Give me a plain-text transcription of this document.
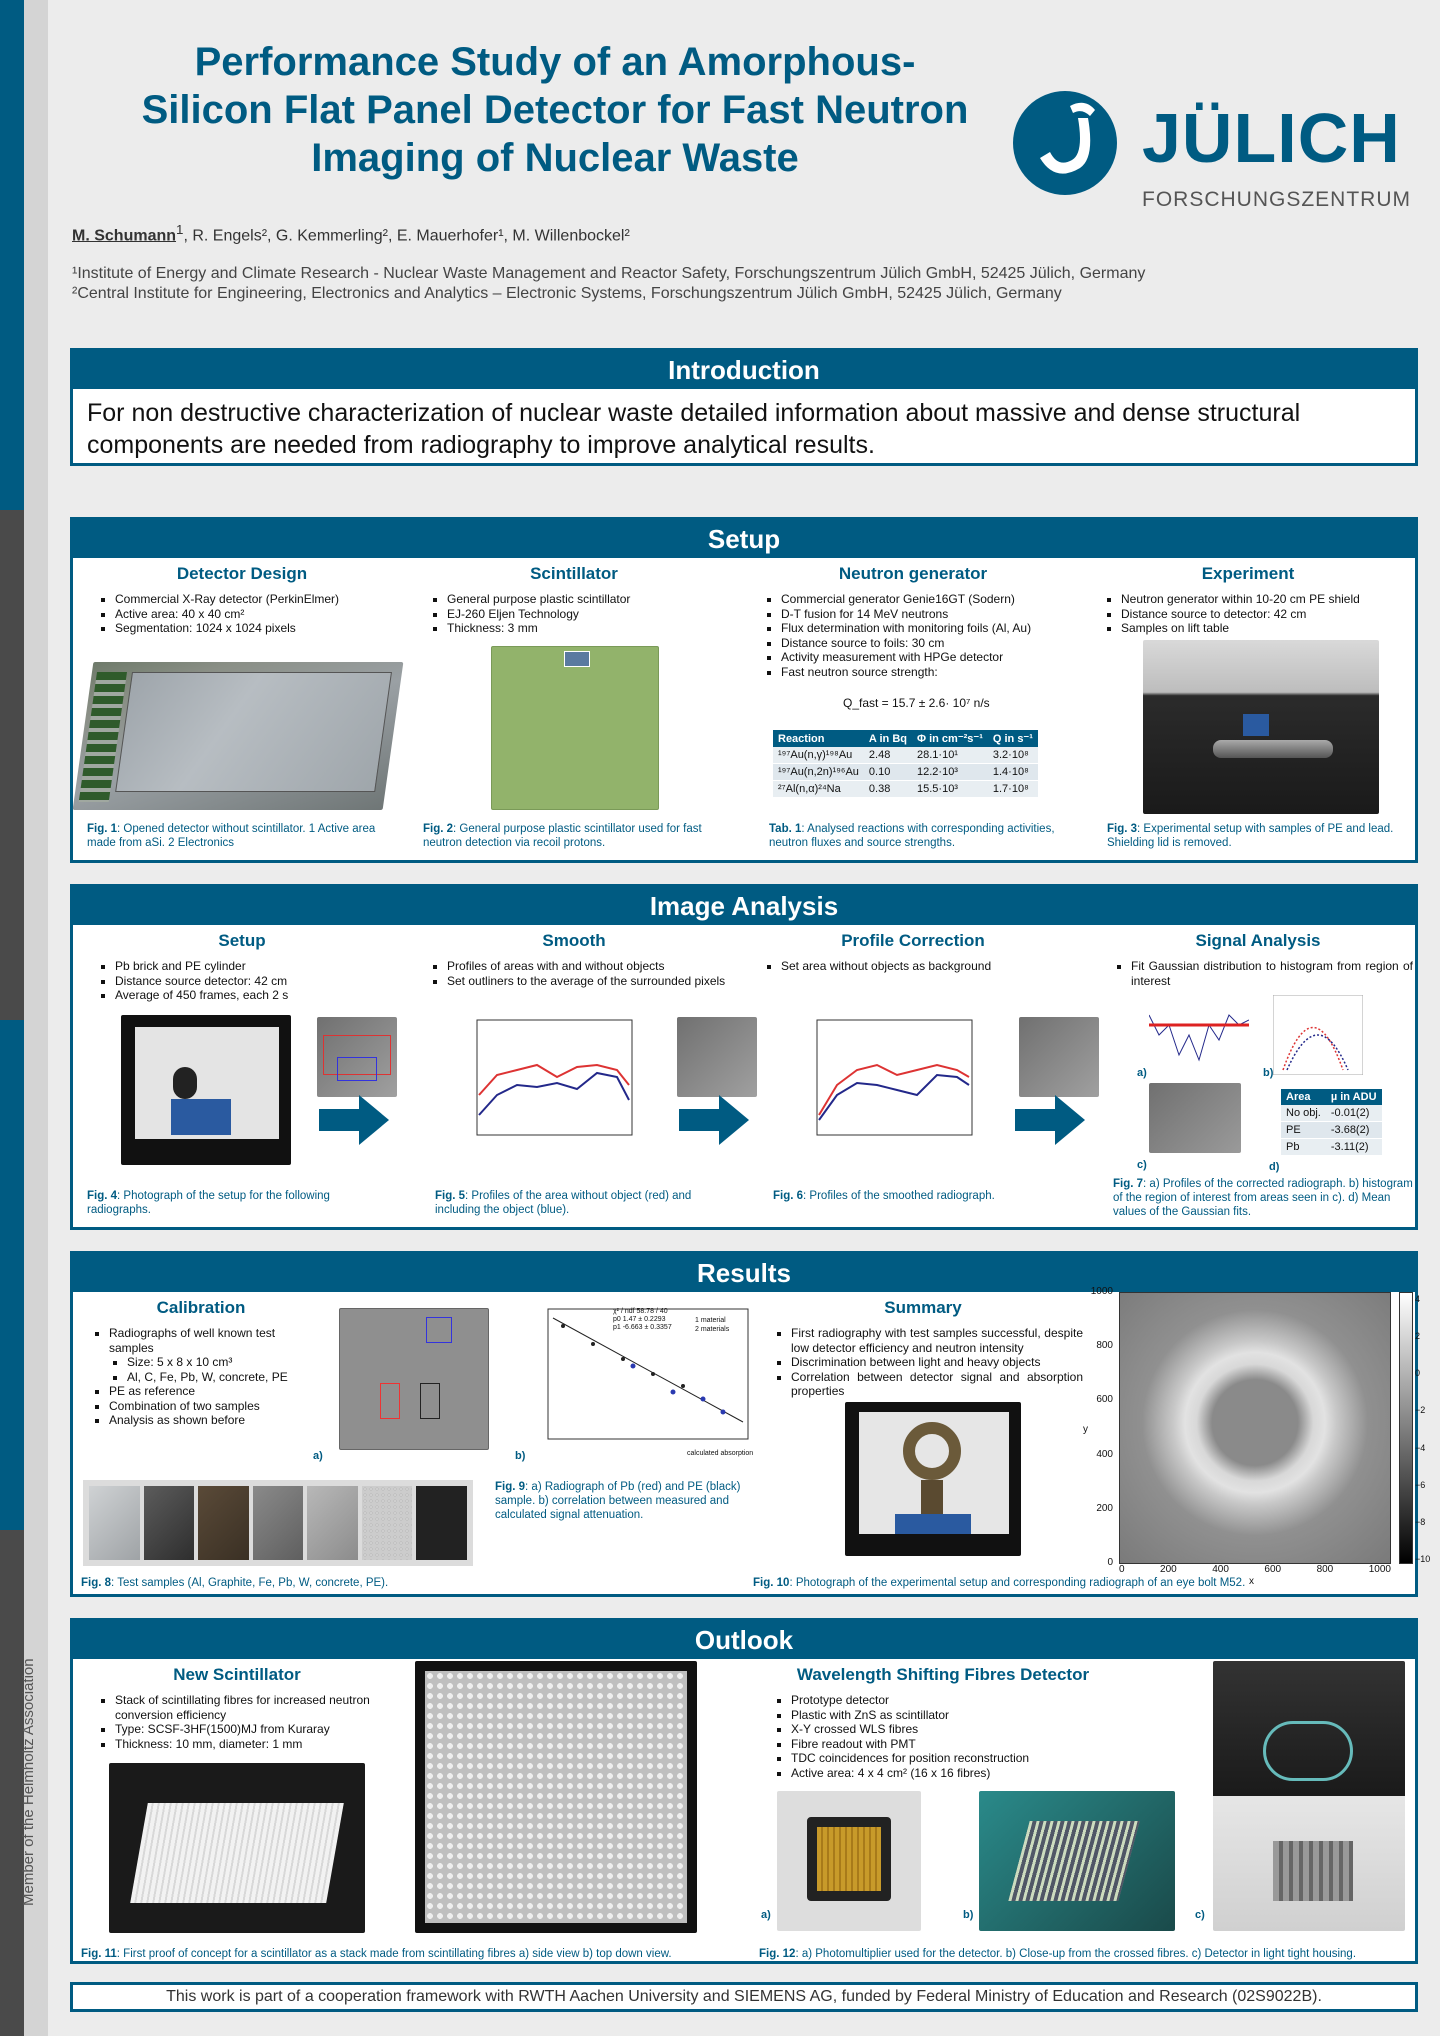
Member of the Helmholtz Association
Performance Study of an Amorphous-
Silicon Flat Panel Detector for Fast Neutron
Imaging of Nuclear Waste	JÜLICH
FORSCHUNGSZENTRUM
M. Schumann$^1$, R. Engels², G. Kemmerling², E. Mauerhofer¹, M. Willenbockel²
¹Institute of Energy and Climate Research - Nuclear Waste Management and Reactor Safety, Forschungszentrum Jülich GmbH, 52425 Jülich, Germany
²Central Institute for Engineering, Electronics and Analytics – Electronic Systems, Forschungszentrum Jülich GmbH, 52425 Jülich, Germany
Introduction
For non destructive characterization of nuclear waste detailed information about massive and dense structural components are needed from radiography to improve analytical results.
Setup
Detector Design
▪ Commercial X-Ray detector (PerkinElmer)
▪ Active area: 40 x 40 cm²
▪ Segmentation: 1024 x 1024 pixels
Fig. 1: Opened detector without scintillator. 1 Active area made from aSi. 2 Electronics
Scintillator
▪ General purpose plastic scintillator
▪ EJ-260 Eljen Technology
▪ Thickness: 3 mm
Fig. 2: General purpose plastic scintillator used for fast neutron detection via recoil protons.
Neutron generator
▪ Commercial generator Genie16GT (Sodern)
▪ D-T fusion for 14 MeV neutrons
▪ Flux determination with monitoring foils (Al, Au)
▪ Distance source to foils: 30 cm
▪ Activity measurement with HPGe detector
▪ Fast neutron source strength:
Q_fast = 15.7 ± 2.6· 10⁷ n/s
Reaction	A in Bq	Φ in cm⁻²s⁻¹	Q in s⁻¹
¹⁹⁷Au(n,γ)¹⁹⁸Au	2.48	28.1·10¹	3.2·10⁸
¹⁹⁷Au(n,2n)¹⁹⁶Au	0.10	12.2·10³	1.4·10⁸
²⁷Al(n,α)²⁴Na	0.38	15.5·10³	1.7·10⁸
Tab. 1: Analysed reactions with corresponding activities, neutron fluxes and source strengths.
Experiment
▪ Neutron generator within 10-20 cm PE shield
▪ Distance source to detector: 42 cm
▪ Samples on lift table
Fig. 3: Experimental setup with samples of PE and lead. Shielding lid is removed.
Image Analysis
Setup
▪ Pb brick and PE cylinder
▪ Distance source detector: 42 cm
▪ Average of 450 frames, each 2 s
Fig. 4: Photograph of the setup for the following radiographs.
Smooth
▪ Profiles of areas with and without objects
▪ Set outliners to the average of the surrounded pixels
Fig. 5: Profiles of the area without object (red) and including the object (blue).
Profile Correction
▪ Set area without objects as background
Fig. 6: Profiles of the smoothed radiograph.
Signal Analysis
▪ Fit Gaussian distribution to histogram from region of interest
a)	b)
c)
Area	µ in ADU
No obj.	-0.01(2)
PE	-3.68(2)
Pb	-3.11(2)
d)
Fig. 7: a) Profiles of the corrected radiograph. b) histogram of the region of interest from areas seen in c). d) Mean values of the Gaussian fits.
Results
Calibration
▪ Radiographs of well known test samples
▪ Size: 5 x 8 x 10 cm³
▪ Al, C, Fe, Pb, W, concrete, PE
▪ PE as reference
▪ Combination of two samples
▪ Analysis as shown before
a)
χ² / ndf 58.78 / 40
p0 1.47 ± 0.2293
p1 -6.663 ± 0.3357
1 material
2 materials
calculated absorption
b)
Fig. 9: a) Radiograph of Pb (red) and PE (black) sample. b) correlation between measured and calculated signal attenuation.
Fig. 8: Test samples (Al, Graphite, Fe, Pb, W, concrete, PE).
Summary
▪ First radiography with test samples successful, despite low detector efficiency and neutron intensity
▪ Discrimination between light and heavy objects
▪ Correlation between detector signal and absorption properties
0	200	400	600	800	1000
0
200
400
600
800
1000
x
y
4
2
0
−2
−4
−6
−8
−10
Fig. 10: Photograph of the experimental setup and corresponding radiograph of an eye bolt M52.
Outlook
New Scintillator
▪ Stack of scintillating fibres for increased neutron conversion efficiency
▪ Type: SCSF-3HF(1500)MJ from Kuraray
▪ Thickness: 10 mm, diameter: 1 mm
Fig. 11: First proof of concept for a scintillator as a stack made from scintillating fibres a) side view b) top down view.
Wavelength Shifting Fibres Detector
▪ Prototype detector
▪ Plastic with ZnS as scintillator
▪ X-Y crossed WLS fibres
▪ Fibre readout with PMT
▪ TDC coincidences for position reconstruction
▪ Active area: 4 x 4 cm² (16 x 16 fibres)
a)	b)	c)
Fig. 12: a) Photomultiplier used for the detector. b) Close-up from the crossed fibres. c) Detector in light tight housing.
This work is part of a cooperation framework with RWTH Aachen University and SIEMENS AG, funded by Federal Ministry of Education and Research (02S9022B).
